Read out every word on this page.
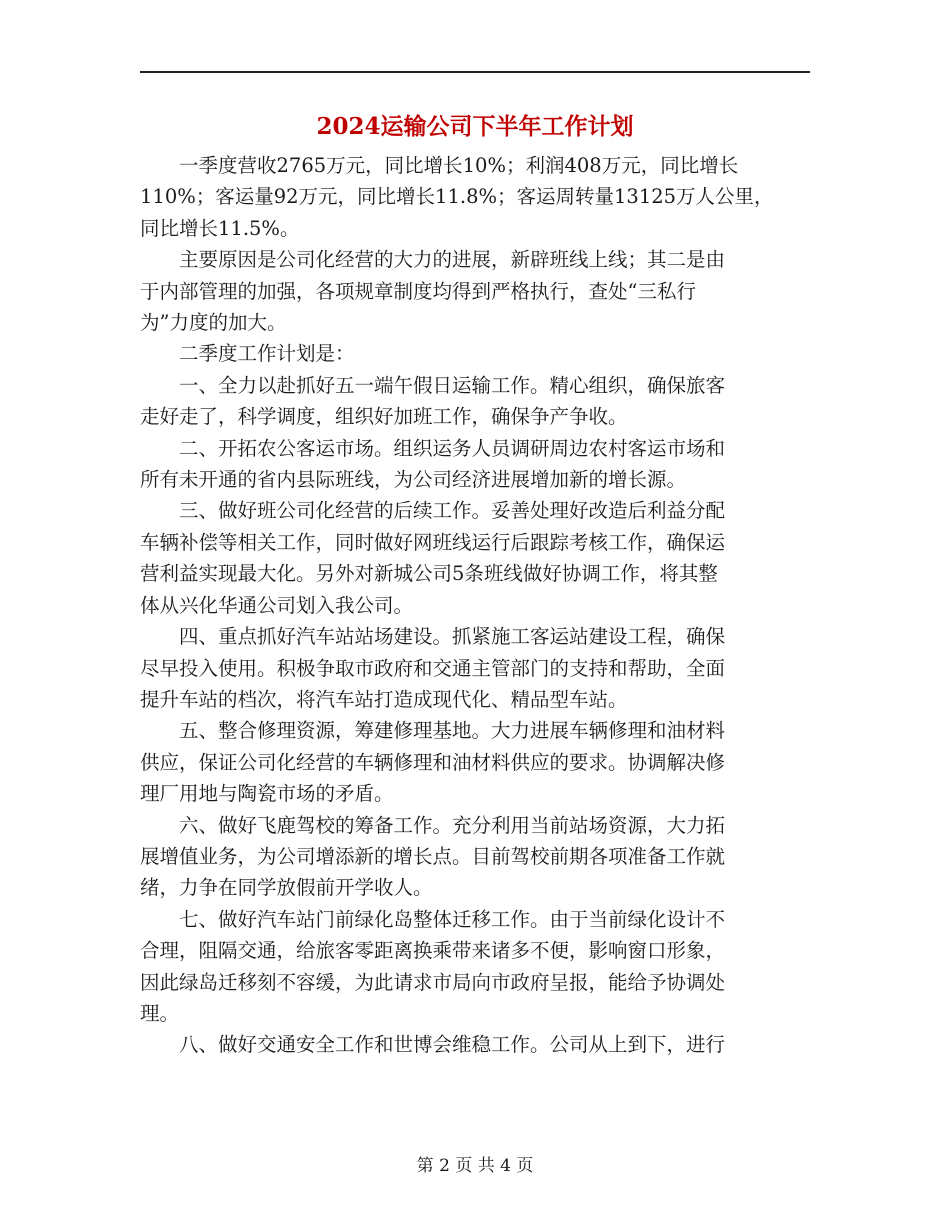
2024运输公司下半年工作计划

一季度营收2765万元，同比增长10%；利润408万元，同比增长
110%；客运量92万元，同比增长11.8%；客运周转量13125万人公里，
同比增长11.5%。

主要原因是公司化经营的大力的进展，新辟班线上线；其二是由
于内部管理的加强，各项规章制度均得到严格执行，查处“三私行
为”力度的加大。

二季度工作计划是：

一、全力以赴抓好五一端午假日运输工作。精心组织，确保旅客
走好走了，科学调度，组织好加班工作，确保争产争收。

二、开拓农公客运市场。组织运务人员调研周边农村客运市场和
所有未开通的省内县际班线，为公司经济进展增加新的增长源。

三、做好班公司化经营的后续工作。妥善处理好改造后利益分配
车辆补偿等相关工作，同时做好网班线运行后跟踪考核工作，确保运
营利益实现最大化。另外对新城公司5条班线做好协调工作，将其整
体从兴化华通公司划入我公司。

四、重点抓好汽车站站场建设。抓紧施工客运站建设工程，确保
尽早投入使用。积极争取市政府和交通主管部门的支持和帮助，全面
提升车站的档次，将汽车站打造成现代化、精品型车站。

五、整合修理资源，筹建修理基地。大力进展车辆修理和油材料
供应，保证公司化经营的车辆修理和油材料供应的要求。协调解决修
理厂用地与陶瓷市场的矛盾。

六、做好飞鹿驾校的筹备工作。充分利用当前站场资源，大力拓
展增值业务，为公司增添新的增长点。目前驾校前期各项准备工作就
绪，力争在同学放假前开学收人。

七、做好汽车站门前绿化岛整体迁移工作。由于当前绿化设计不
合理，阻隔交通，给旅客零距离换乘带来诸多不便，影响窗口形象，
因此绿岛迁移刻不容缓，为此请求市局向市政府呈报，能给予协调处
理。

八、做好交通安全工作和世博会维稳工作。公司从上到下，进行

第 2 页 共 4 页
